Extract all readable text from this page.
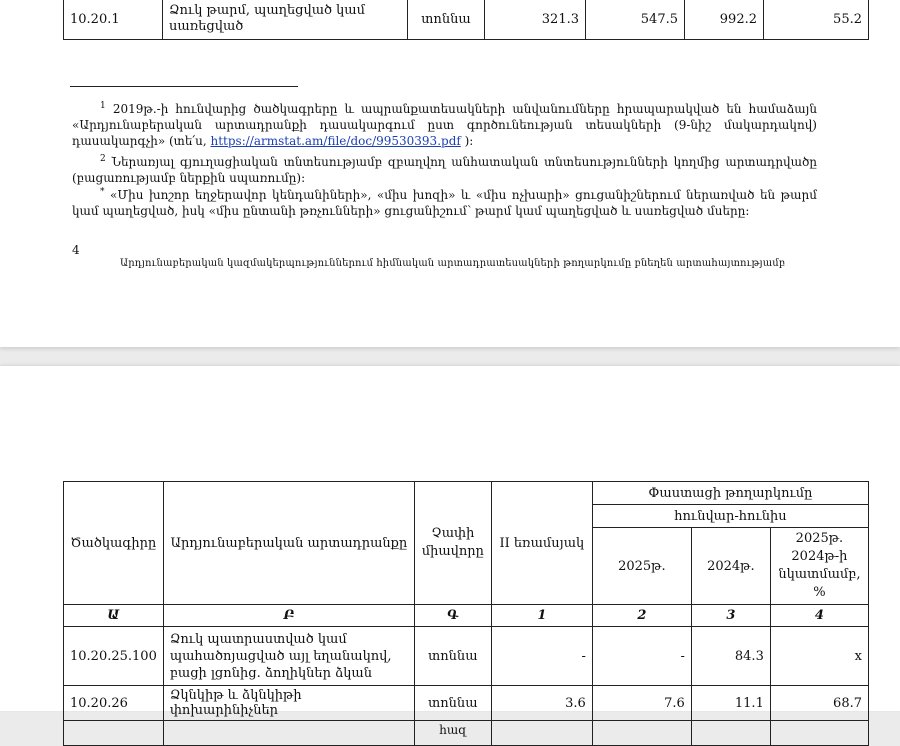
10.20.1	Ձուկ թարմ, պաղեցված կամ սառեցված	տոննա	321.3	547.5	992.2	55.2
$^1$ 2019թ.-ի հունվարից ծածկագրերը և ապրանքատեսակների անվանումները հրապարակված են համաձայն «Արդյունաբերական արտադրանքի դասակարգում ըստ գործունեության տեսակների (9-նիշ մակարդակով) դասակարգչի» (տե՛ս, https://armstat.am/file/doc/99530393.pdf ):
$^2$ Ներառյալ գյուղացիական տնտեսությամբ զբաղվող անհատական տնտեսությունների կողմից արտադրվածը (բացառությամբ ներքին սպառումը):
* «Միս խոշոր եղջերավոր կենդանիների», «միս խոզի» և «միս ոչխարի» ցուցանիշներում ներառված են թարմ կամ պաղեցված, իսկ «միս ընտանի թռչունների» ցուցանիշում՝ թարմ կամ պաղեցված և սառեցված մսերը:
4
Արդյունաբերական կազմակերպություններում հիմնական արտադրատեսակների թողարկումը բնեղեն արտահայտությամբ
Ծածկագիրը	Արդյունաբերական արտադրանքը	Չափի միավորը	II եռամսյակ	Փաստացի թողարկումը		
				հունվար-հունիս		
				2025թ.	2024թ.	2025թ. 2024թ-ի նկատմամբ, %
Ա	Բ	Գ	1	2	3	4
10.20.25.100	Ձուկ պատրաստված կամ պահածոյացված այլ եղանակով, բացի լցոնից. ձողիկներ ձկան	տոննա	-	-	84.3	x
10.20.26	Ձկնկիթ և ձկնկիթի փոխարինիչներ	տոննա	3.6	7.6	11.1	68.7
		հազ				
